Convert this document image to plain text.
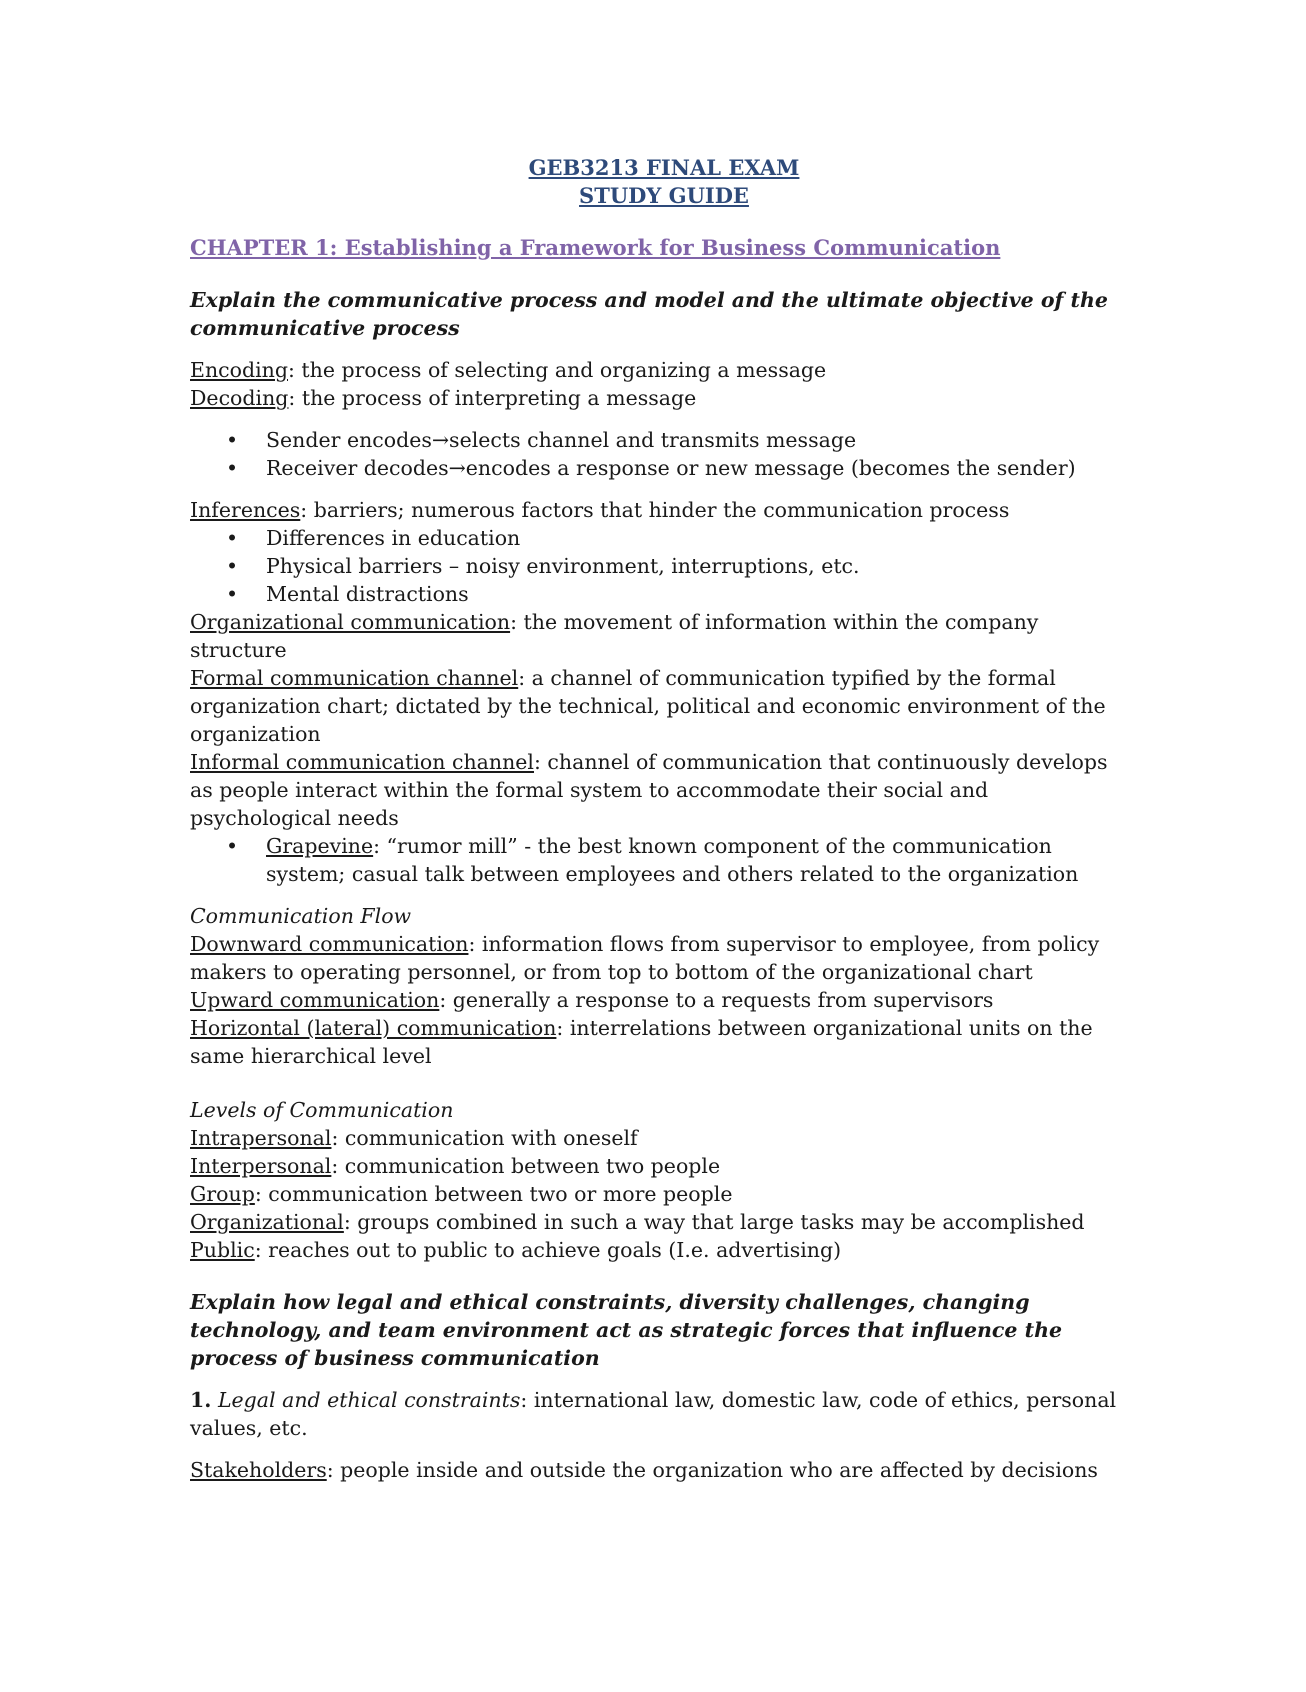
GEB3213 FINAL EXAM
STUDY GUIDE
CHAPTER 1: Establishing a Framework for Business Communication
Explain the communicative process and model and the ultimate objective of the communicative process

Encoding: the process of selecting and organizing a message

Decoding: the process of interpreting a message

• Sender encodes→selects channel and transmits message
• Receiver decodes→encodes a response or new message (becomes the sender)

Inferences: barriers; numerous factors that hinder the communication process

• Differences in education
• Physical barriers – noisy environment, interruptions, etc.
• Mental distractions

Organizational communication: the movement of information within the company structure

Formal communication channel: a channel of communication typified by the formal organization chart; dictated by the technical, political and economic environment of the organization

Informal communication channel: channel of communication that continuously develops as people interact within the formal system to accommodate their social and psychological needs

• Grapevine: “rumor mill” - the best known component of the communication system; casual talk between employees and others related to the organization

Communication Flow

Downward communication: information flows from supervisor to employee, from policy makers to operating personnel, or from top to bottom of the organizational chart

Upward communication: generally a response to a requests from supervisors

Horizontal (lateral) communication: interrelations between organizational units on the same hierarchical level

Levels of Communication

Intrapersonal: communication with oneself

Interpersonal: communication between two people

Group: communication between two or more people

Organizational: groups combined in such a way that large tasks may be accomplished

Public: reaches out to public to achieve goals (I.e. advertising)

Explain how legal and ethical constraints, diversity challenges, changing technology, and team environment act as strategic forces that influence the process of business communication

1. Legal and ethical constraints: international law, domestic law, code of ethics, personal values, etc.

Stakeholders: people inside and outside the organization who are affected by decisions
